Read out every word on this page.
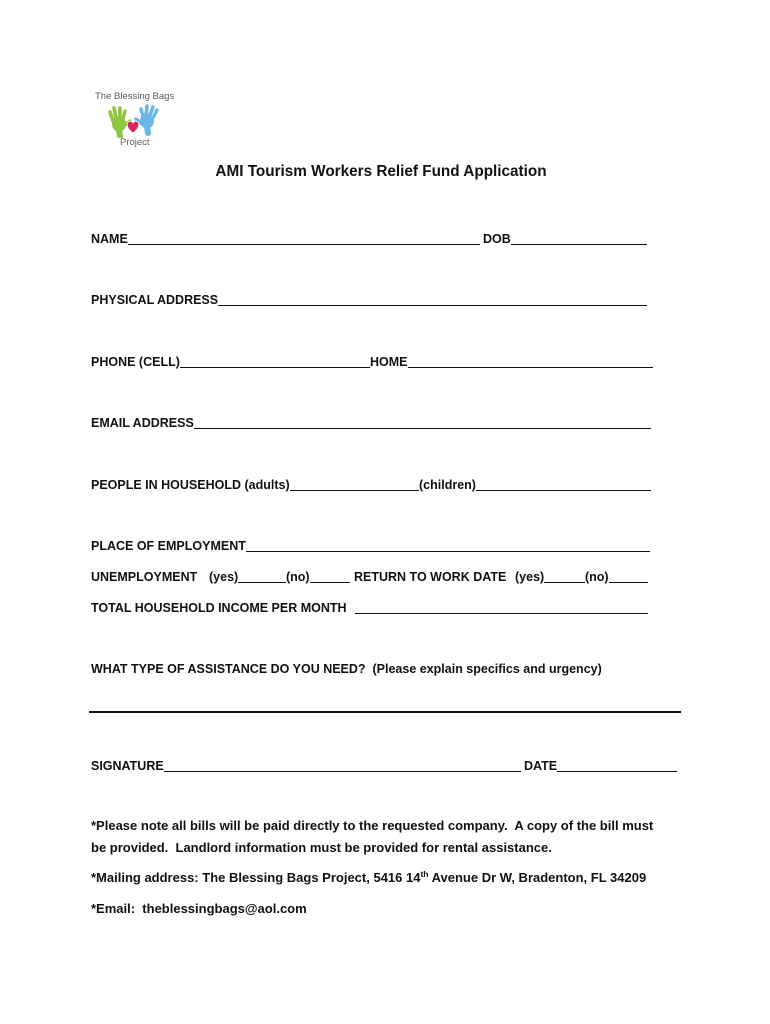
The Blessing Bags
Project
AMI Tourism Workers Relief Fund Application
NAME	DOB
PHYSICAL ADDRESS
PHONE (CELL)	HOME
EMAIL ADDRESS
PEOPLE IN HOUSEHOLD (adults)	(children)
PLACE OF EMPLOYMENT
UNEMPLOYMENT (yes)	(no)	RETURN TO WORK DATE (yes)	(no)
TOTAL HOUSEHOLD INCOME PER MONTH
WHAT TYPE OF ASSISTANCE DO YOU NEED?  (Please explain specifics and urgency)
SIGNATURE	DATE
*Please note all bills will be paid directly to the requested company.  A copy of the bill must
be provided.  Landlord information must be provided for rental assistance.
*Mailing address: The Blessing Bags Project, 5416 14th Avenue Dr W, Bradenton, FL 34209
*Email:  theblessingbags@aol.com
